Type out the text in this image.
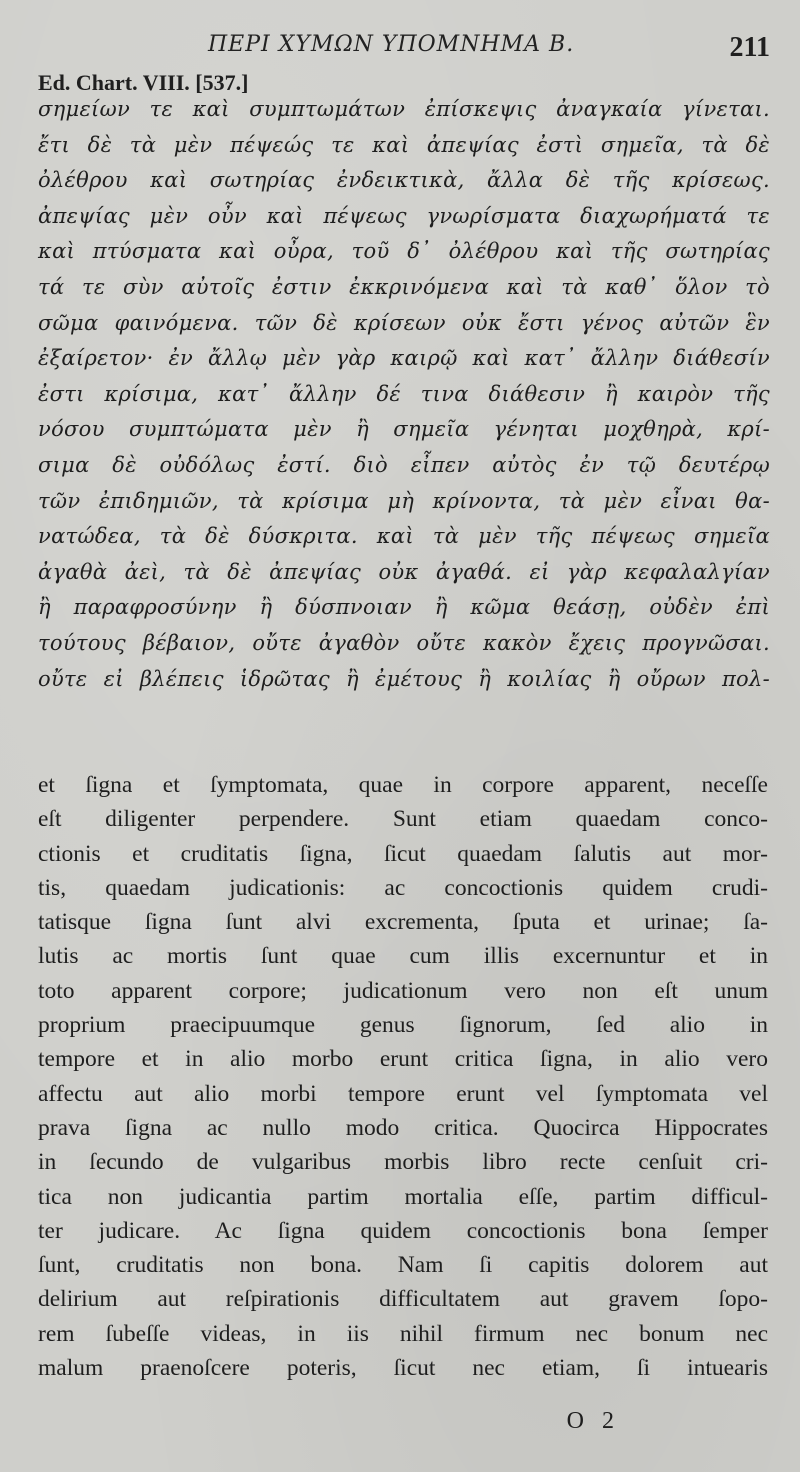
ΠΕΡΙ ΧΥΜΩΝ ΥΠΟΜΝΗΜΑ Β.	211
Ed. Chart. VIII. [537.]
σημείων τε καὶ συμπτωμάτων ἐπίσκεψις ἀναγκαία γίνεται.
ἔτι δὲ τὰ μὲν πέψεώς τε καὶ ἀπεψίας ἐστὶ σημεῖα, τὰ δὲ
ὀλέθρου καὶ σωτηρίας ἐνδεικτικὰ, ἄλλα δὲ τῆς κρίσεως.
ἀπεψίας μὲν οὖν καὶ πέψεως γνωρίσματα διαχωρήματά τε
καὶ πτύσματα καὶ οὖρα, τοῦ δ᾽ ὀλέθρου καὶ τῆς σωτηρίας
τά τε σὺν αὐτοῖς ἐστιν ἐκκρινόμενα καὶ τὰ καθ᾽ ὅλον τὸ
σῶμα φαινόμενα. τῶν δὲ κρίσεων οὐκ ἔστι γένος αὐτῶν ἓν
ἐξαίρετον· ἐν ἄλλῳ μὲν γὰρ καιρῷ καὶ κατ᾽ ἄλλην διάθεσίν
ἐστι κρίσιμα, κατ᾽ ἄλλην δέ τινα διάθεσιν ἢ καιρὸν τῆς
νόσου συμπτώματα μὲν ἢ σημεῖα γένηται μοχθηρὰ, κρί-
σιμα δὲ οὐδόλως ἐστί. διὸ εἶπεν αὐτὸς ἐν τῷ δευτέρῳ
τῶν ἐπιδημιῶν, τὰ κρίσιμα μὴ κρίνοντα, τὰ μὲν εἶναι θα-
νατώδεα, τὰ δὲ δύσκριτα. καὶ τὰ μὲν τῆς πέψεως σημεῖα
ἀγαθὰ ἀεὶ, τὰ δὲ ἀπεψίας οὐκ ἀγαθά. εἰ γὰρ κεφαλαλγίαν
ἢ παραφροσύνην ἢ δύσπνοιαν ἢ κῶμα θεάσῃ, οὐδὲν ἐπὶ
τούτους βέβαιον, οὔτε ἀγαθὸν οὔτε κακὸν ἔχεις προγνῶσαι.
οὔτε εἰ βλέπεις ἱδρῶτας ἢ ἐμέτους ἢ κοιλίας ἢ οὔρων πολ-
et ſigna et ſymptomata, quae in corpore apparent, neceſſe
eſt diligenter perpendere. Sunt etiam quaedam conco-
ctionis et cruditatis ſigna, ſicut quaedam ſalutis aut mor-
tis, quaedam judicationis: ac concoctionis quidem crudi-
tatisque ſigna ſunt alvi excrementa, ſputa et urinae; ſa-
lutis ac mortis ſunt quae cum illis excernuntur et in
toto apparent corpore; judicationum vero non eſt unum
proprium praecipuumque genus ſignorum, ſed alio in
tempore et in alio morbo erunt critica ſigna, in alio vero
affectu aut alio morbi tempore erunt vel ſymptomata vel
prava ſigna ac nullo modo critica. Quocirca Hippocrates
in ſecundo de vulgaribus morbis libro recte cenſuit cri-
tica non judicantia partim mortalia eſſe, partim difficul-
ter judicare. Ac ſigna quidem concoctionis bona ſemper
ſunt, cruditatis non bona. Nam ſi capitis dolorem aut
delirium aut reſpirationis difficultatem aut gravem ſopo-
rem ſubeſſe videas, in iis nihil firmum nec bonum nec
malum praenoſcere poteris, ſicut nec etiam, ſi intuearis
O 2
